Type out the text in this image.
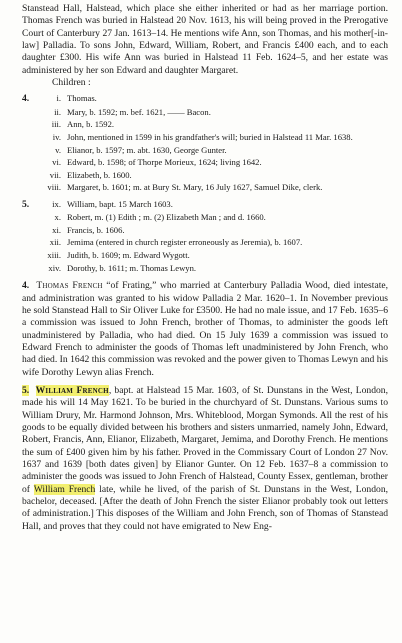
Stanstead Hall, Halstead, which place she either inherited or had as her marriage portion. Thomas French was buried in Halstead 20 Nov. 1613, his will being proved in the Prerogative Court of Canterbury 27 Jan. 1613–14. He mentions wife Ann, son Thomas, and his mother[-in-law] Palladia. To sons John, Edward, William, Robert, and Francis £400 each, and to each daughter £300. His wife Ann was buried in Halstead 11 Feb. 1624–5, and her estate was administered by her son Edward and daughter Margaret.

Children :

4.	i. Thomas.
ii. Mary, b. 1592; m. bef. 1621, —— Bacon.
iii. Ann, b. 1592.
iv. John, mentioned in 1599 in his grandfather's will; buried in Halstead 11 Mar. 1638.
v. Elianor, b. 1597; m. abt. 1630, George Gunter.
vi. Edward, b. 1598; of Thorpe Morieux, 1624; living 1642.
vii. Elizabeth, b. 1600.
viii. Margaret, b. 1601; m. at Bury St. Mary, 16 July 1627, Samuel Dike, clerk.
5.	ix. William, bapt. 15 March 1603.
x. Robert, m. (1) Edith ; m. (2) Elizabeth Man ; and d. 1660.
xi. Francis, b. 1606.
xii. Jemima (entered in church register erroneously as Jeremia), b. 1607.
xiii. Judith, b. 1609; m. Edward Wygott.
xiv. Dorothy, b. 1611; m. Thomas Lewyn.

4. Thomas French “of Frating,” who married at Canterbury Palladia Wood, died intestate, and administration was granted to his widow Palladia 2 Mar. 1620–1. In November previous he sold Stanstead Hall to Sir Oliver Luke for £3500. He had no male issue, and 17 Feb. 1635–6 a commission was issued to John French, brother of Thomas, to administer the goods left unadministered by Palladia, who had died. On 15 July 1639 a commission was issued to Edward French to administer the goods of Thomas left unadministered by John French, who had died. In 1642 this commission was revoked and the power given to Thomas Lewyn and his wife Dorothy Lewyn alias French.

5. William French, bapt. at Halstead 15 Mar. 1603, of St. Dunstans in the West, London, made his will 14 May 1621. To be buried in the churchyard of St. Dunstans. Various sums to William Drury, Mr. Harmond Johnson, Mrs. Whiteblood, Morgan Symonds. All the rest of his goods to be equally divided between his brothers and sisters unmarried, namely John, Edward, Robert, Francis, Ann, Elianor, Elizabeth, Margaret, Jemima, and Dorothy French. He mentions the sum of £400 given him by his father. Proved in the Commissary Court of London 27 Nov. 1637 and 1639 [both dates given] by Elianor Gunter. On 12 Feb. 1637–8 a commission to administer the goods was issued to John French of Halstead, County Essex, gentleman, brother of William French late, while he lived, of the parish of St. Dunstans in the West, London, bachelor, deceased. [After the death of John French the sister Elianor probably took out letters of administration.] This disposes of the William and John French, son of Thomas of Stanstead Hall, and proves that they could not have emigrated to New Eng-
